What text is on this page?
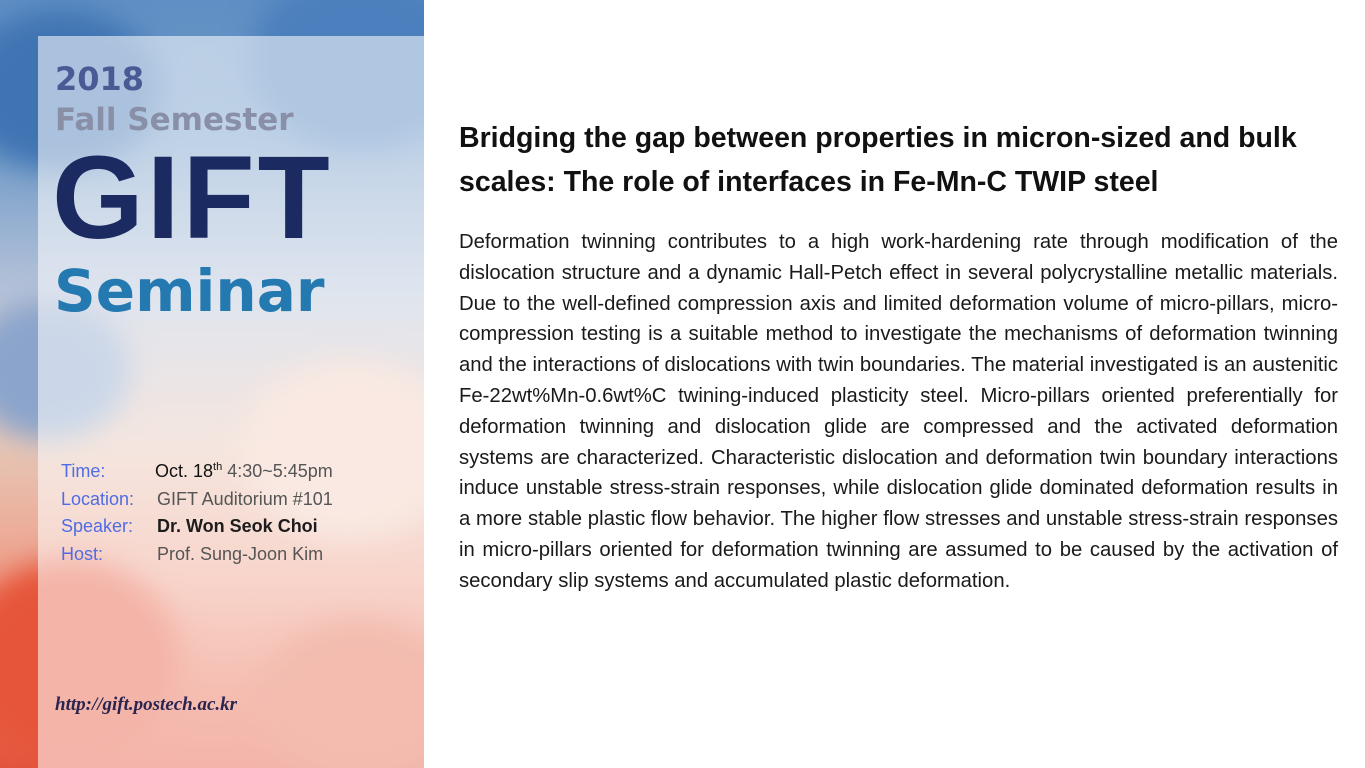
2018

Fall Semester

GIFT

Seminar

Time:	Oct. 18th 4:30~5:45pm
Location:	GIFT Auditorium #101
Speaker:	Dr. Won Seok Choi
Host:	Prof. Sung-Joon Kim

http://gift.postech.ac.kr

Bridging the gap between properties in micron-sized and bulk scales: The role of interfaces in Fe-Mn-C TWIP steel

Deformation twinning contributes to a high work-hardening rate through modification of the dislocation structure and a dynamic Hall-Petch effect in several polycrystalline metallic materials. Due to the well-defined compression axis and limited deformation volume of micro-pillars, micro-compression testing is a suitable method to investigate the mechanisms of deformation twinning and the interactions of dislocations with twin boundaries. The material investigated is an austenitic Fe-22wt%Mn-0.6wt%C twining-induced plasticity steel. Micro-pillars oriented preferentially for deformation twinning and dislocation glide are compressed and the activated deformation systems are characterized. Characteristic dislocation and deformation twin boundary interactions induce unstable stress-strain responses, while dislocation glide dominated deformation results in a more stable plastic flow behavior. The higher flow stresses and unstable stress-strain responses in micro-pillars oriented for deformation twinning are assumed to be caused by the activation of secondary slip systems and accumulated plastic deformation.
